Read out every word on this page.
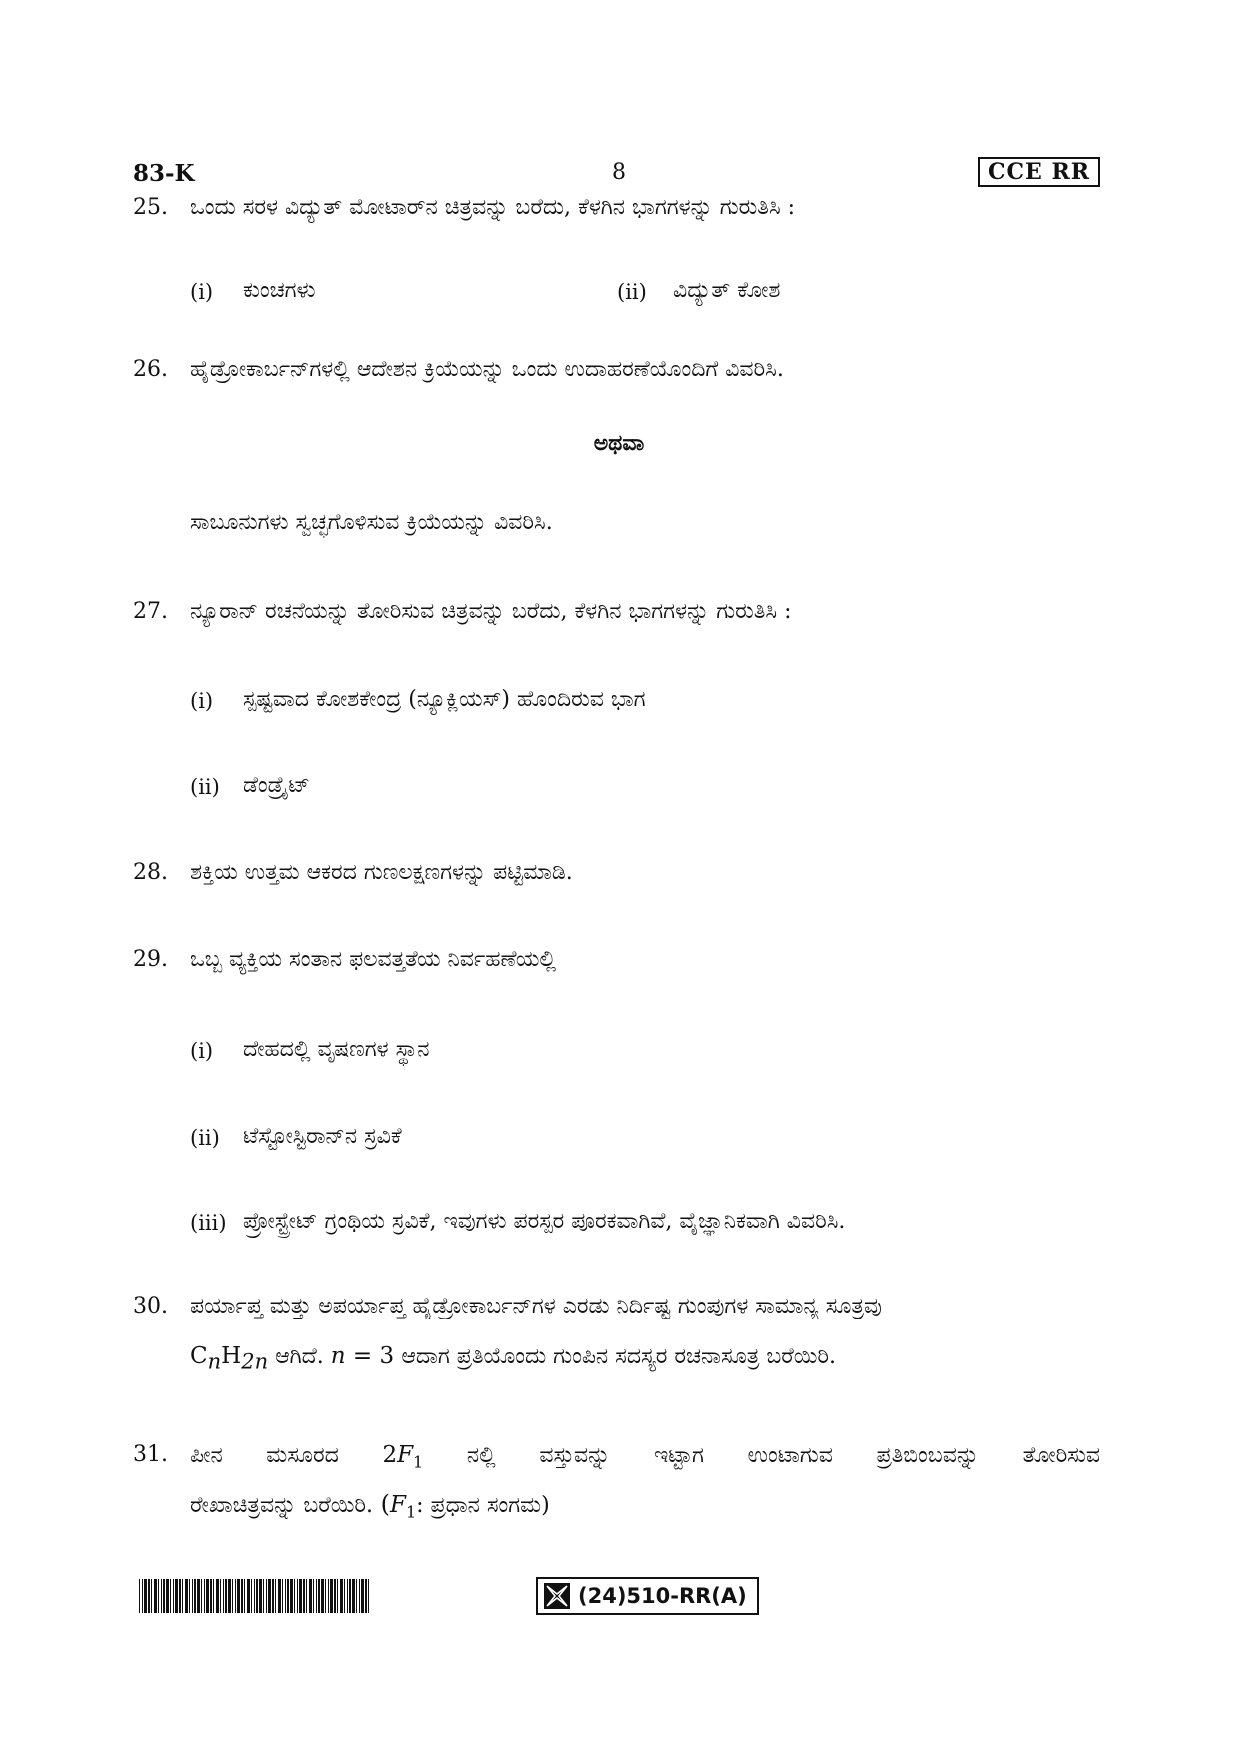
83-K	8	CCE RR
25. ಒಂದು ಸರಳ ವಿದ್ಯುತ್ ಮೋಟಾರ್‌ನ ಚಿತ್ರವನ್ನು ಬರೆದು, ಕೆಳಗಿನ ಭಾಗಗಳನ್ನು ಗುರುತಿಸಿ :
(i) ಕುಂಚಗಳು	(ii) ವಿದ್ಯುತ್ ಕೋಶ
26. ಹೈಡ್ರೋಕಾರ್ಬನ್‌ಗಳಲ್ಲಿ ಆದೇಶನ ಕ್ರಿಯೆಯನ್ನು ಒಂದು ಉದಾಹರಣೆಯೊಂದಿಗೆ ವಿವರಿಸಿ.
ಅಥವಾ
ಸಾಬೂನುಗಳು ಸ್ವಚ್ಛಗೊಳಿಸುವ ಕ್ರಿಯೆಯನ್ನು ವಿವರಿಸಿ.
27. ನ್ಯೂರಾನ್ ರಚನೆಯನ್ನು ತೋರಿಸುವ ಚಿತ್ರವನ್ನು ಬರೆದು, ಕೆಳಗಿನ ಭಾಗಗಳನ್ನು ಗುರುತಿಸಿ :
(i) ಸ್ಪಷ್ಟವಾದ ಕೋಶಕೇಂದ್ರ (ನ್ಯೂಕ್ಲಿಯಸ್) ಹೊಂದಿರುವ ಭಾಗ
(ii) ಡೆಂಡ್ರೈಟ್
28. ಶಕ್ತಿಯ ಉತ್ತಮ ಆಕರದ ಗುಣಲಕ್ಷಣಗಳನ್ನು ಪಟ್ಟಿಮಾಡಿ.
29. ಒಬ್ಬ ವ್ಯಕ್ತಿಯ ಸಂತಾನ ಫಲವತ್ತತೆಯ ನಿರ್ವಹಣೆಯಲ್ಲಿ
(i) ದೇಹದಲ್ಲಿ ವೃಷಣಗಳ ಸ್ಥಾನ
(ii) ಟೆಸ್ಟೋಸ್ಟಿರಾನ್‌ನ ಸ್ರವಿಕೆ
(iii) ಪ್ರೋಸ್ಟ್ರೇಟ್ ಗ್ರಂಥಿಯ ಸ್ರವಿಕೆ, ಇವುಗಳು ಪರಸ್ಪರ ಪೂರಕವಾಗಿವೆ, ವೈಜ್ಞಾನಿಕವಾಗಿ ವಿವರಿಸಿ.
30. ಪರ್ಯಾಪ್ತ ಮತ್ತು ಅಪರ್ಯಾಪ್ತ ಹೈಡ್ರೋಕಾರ್ಬನ್‌ಗಳ ಎರಡು ನಿರ್ದಿಷ್ಟ ಗುಂಪುಗಳ ಸಾಮಾನ್ಯ ಸೂತ್ರವು
$C_nH_{2n}$ ಆಗಿದೆ. n = 3 ಆದಾಗ ಪ್ರತಿಯೊಂದು ಗುಂಪಿನ ಸದಸ್ಯರ ರಚನಾಸೂತ್ರ ಬರೆಯಿರಿ.
31. ಪೀನ ಮಸೂರದ $2F_1$ ನಲ್ಲಿ ವಸ್ತುವನ್ನು ಇಟ್ಟಾಗ ಉಂಟಾಗುವ ಪ್ರತಿಬಿಂಬವನ್ನು ತೋರಿಸುವ
ರೇಖಾಚಿತ್ರವನ್ನು ಬರೆಯಿರಿ. ($F_1$: ಪ್ರಧಾನ ಸಂಗಮ)
(24)510-RR(A)
